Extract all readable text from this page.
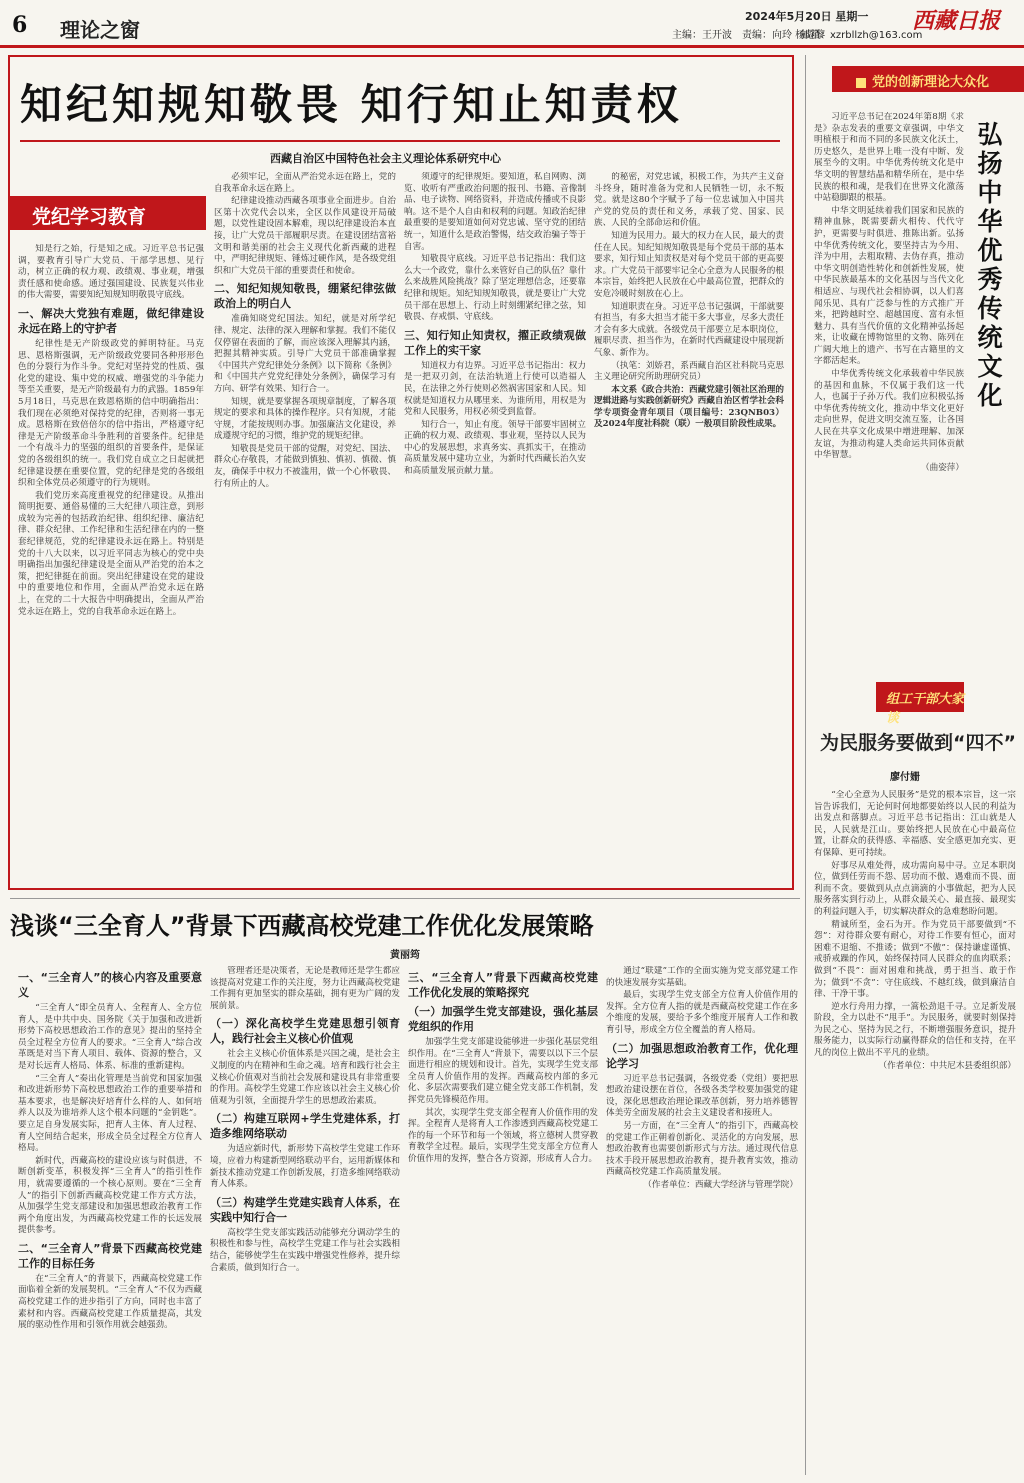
6 理论之窗
2024年5月20日 星期一
主编：王开波　责编：向玲 杨彪黎
邮箱：xzrbllzh@163.com
西藏日报
知纪知规知敬畏 知行知止知责权
西藏自治区中国特色社会主义理论体系研究中心
党纪学习教育

知是行之始，行是知之成。习近平总书记强调，要教育引导广大党员、干部学思想、见行动，树立正确的权力观、政绩观、事业观，增强责任感和使命感。通过强国建设、民族复兴伟业的伟大需要，需要知纪知规知明敬畏守底线。

一、解决大党独有难题，做纪律建设永远在路上的守护者

纪律性是无产阶级政党的鲜明特征。马克思、恩格斯强调，无产阶级政党要同各种形形色色的分裂行为作斗争。党纪对坚持党的性质、强化党的建设、集中党的权威、增强党的斗争能力等至关重要，是无产阶级最有力的武器。1859年5月18日，马克思在致恩格斯的信中明确指出：我们现在必须绝对保持党的纪律，否则将一事无成。恩格斯在致倍倍尔的信中指出，严格遵守纪律是无产阶级革命斗争胜利的首要条件。纪律是一个有战斗力的坚强的组织的首要条件，是保证党的各级组织的统一。我们党自成立之日起就把纪律建设摆在重要位置，党的纪律是党的各级组织和全体党员必须遵守的行为规则。

我们党历来高度重视党的纪律建设。从推出简明扼要、通俗易懂的三大纪律八项注意，到形成较为完善的包括政治纪律、组织纪律、廉洁纪律、群众纪律、工作纪律和生活纪律在内的一整套纪律规范，党的纪律建设永远在路上。特别是党的十八大以来，以习近平同志为核心的党中央明确指出加强纪律建设是全面从严治党的治本之策，把纪律挺在前面。突出纪律建设在党的建设中的重要地位和作用，全面从严治党永远在路上，在党的二十大报告中明确提出，全面从严治党永远在路上，党的自我革命永远在路上。

必须牢记，全面从严治党永远在路上，党的自我革命永远在路上。

纪律建设推动西藏各项事业全面进步。自治区第十次党代会以来，全区以作风建设开局破题，以党性建设固本解难，现以纪律建设治本直接，让广大党员干部履职尽责。在建设团结富裕文明和谐美丽的社会主义现代化新西藏的进程中，严明纪律规矩、锤炼过硬作风，是各级党组织和广大党员干部的重要责任和使命。

二、知纪知规知敬畏，绷紧纪律弦做政治上的明白人

准确知晓党纪国法。知纪，就是对所学纪律、规定、法律的深入理解和掌握。我们不能仅仅停留在表面的了解，而应该深入理解其内涵，把握其精神实质。引导广大党员干部准确掌握《中国共产党纪律处分条例》以下简称《条例》和《中国共产党党纪律处分条例》，确保学习有方向、研学有效果、知行合一。

知规，就是要掌握各项规章制度，了解各项规定的要求和具体的操作程序。只有知规，才能守规，才能按规则办事。加强廉洁文化建设，养成遵规守纪的习惯，维护党的规矩纪律。

知敬畏是党员干部的觉醒，对党纪、国法、群众心存敬畏，才能做到慎独、慎初、慎微、慎友，确保手中权力不被滥用，做一个心怀敬畏、行有所止的人。

须遵守的纪律规矩。要知道，私自网购、浏览、收听有严重政治问题的报刊、书籍、音像制品、电子读物、网络资料，并造成传播或不良影响。这不是个人自由和权利的问题。知政治纪律最重要的是要知道如何对党忠诚、坚守党的团结统一，知道什么是政治警惕，结交政治骗子等于自害。

知敬畏守底线。习近平总书记指出：我们这么大一个政党，靠什么来管好自己的队伍？靠什么来战胜风险挑战？除了坚定理想信念，还要靠纪律和规矩。知纪知规知敬畏，就是要让广大党员干部在思想上、行动上时刻绷紧纪律之弦，知敬畏、存戒惧、守底线。

三、知行知止知责权，擢正政绩观做工作上的实干家

知道权力有边界。习近平总书记指出：权力是一把双刃剑，在法治轨道上行使可以造福人民，在法律之外行使则必然祸害国家和人民。知权就是知道权力从哪里来、为谁所用，用权是为党和人民服务，用权必须受到监督。

知行合一，知止有度。领导干部要牢固树立正确的权力观、政绩观、事业观，坚持以人民为中心的发展思想，求真务实、真抓实干，在推动高质量发展中建功立业，为新时代西藏长治久安和高质量发展贡献力量。

的秘密，对党忠诚，积极工作，为共产主义奋斗终身，随时准备为党和人民牺牲一切，永不叛党。就是这80个字赋予了每一位忠诚加入中国共产党的党员的责任和义务，承载了党、国家、民族、人民的全部命运和价值。

知道为民用力。最大的权力在人民，最大的责任在人民。知纪知规知敬畏是每个党员干部的基本要求，知行知止知责权是对每个党员干部的更高要求。广大党员干部要牢记全心全意为人民服务的根本宗旨，始终把人民放在心中最高位置，把群众的安危冷暖时刻放在心上。

知道职责在身。习近平总书记强调，干部就要有担当，有多大担当才能干多大事业，尽多大责任才会有多大成就。各级党员干部要立足本职岗位，履职尽责、担当作为，在新时代西藏建设中展现新气象、新作为。

（执笔：刘娇君，系西藏自治区社科院马克思主义理论研究所助理研究员）

本文系《政合共治：西藏党建引领社区治理的逻辑进路与实践创新研究》西藏自治区哲学社会科学专项资金青年项目（项目编号：23QNB03）及2024年度社科院（联）一般项目阶段性成果。

党的创新理论大众化
弘扬中华优秀传统文化

习近平总书记在2024年第8期《求是》杂志发表的重要文章强调，中华文明植根于和而不同的多民族文化沃土，历史悠久，是世界上唯一没有中断、发展至今的文明。中华优秀传统文化是中华文明的智慧结晶和精华所在，是中华民族的根和魂，是我们在世界文化激荡中站稳脚跟的根基。

中华文明延续着我们国家和民族的精神血脉，既需要薪火相传、代代守护，更需要与时俱进、推陈出新。弘扬中华优秀传统文化，要坚持古为今用、洋为中用，去粗取精、去伪存真，推动中华文明创造性转化和创新性发展，使中华民族最基本的文化基因与当代文化相适应、与现代社会相协调，以人们喜闻乐见、具有广泛参与性的方式推广开来，把跨越时空、超越国度、富有永恒魅力、具有当代价值的文化精神弘扬起来，让收藏在博物馆里的文物、陈列在广阔大地上的遗产、书写在古籍里的文字都活起来。

中华优秀传统文化承载着中华民族的基因和血脉，不仅属于我们这一代人，也属于子孙万代。我们应积极弘扬中华优秀传统文化，推动中华文化更好走向世界，促进文明交流互鉴，让各国人民在共享文化成果中增进理解、加深友谊，为推动构建人类命运共同体贡献中华智慧。

（曲姿萍）

组工干部大家谈
为民服务要做到“四不”
廖付姗

“全心全意为人民服务”是党的根本宗旨，这一宗旨告诉我们，无论何时何地都要始终以人民的利益为出发点和落脚点。习近平总书记指出：江山就是人民，人民就是江山。要始终把人民放在心中最高位置，让群众的获得感、幸福感、安全感更加充实、更有保障、更可持续。

好事尽从难处得，成功需向易中寻。立足本职岗位，做到任劳而不怨、居功而不傲、遇难而不畏、面利而不贪。要做到从点点滴滴的小事做起，把为人民服务落实到行动上，从群众最关心、最直接、最现实的利益问题入手，切实解决群众的急难愁盼问题。

精诚所至，金石为开。作为党员干部要做到“不怨”：对待群众要有耐心，对待工作要有恒心，面对困难不退缩、不推诿；做到“不傲”：保持谦虚谨慎、戒骄戒躁的作风，始终保持同人民群众的血肉联系；做到“不畏”：面对困难和挑战，勇于担当、敢于作为；做到“不贪”：守住底线、不越红线，做到廉洁自律、干净干事。

逆水行舟用力撑，一篙松劲退千寻。立足新发展阶段，全力以赴不“甩手”。为民服务，就要时刻保持为民之心、坚持为民之行，不断增强服务意识，提升服务能力，以实际行动赢得群众的信任和支持，在平凡的岗位上做出不平凡的业绩。

（作者单位：中共尼木县委组织部）

浅谈“三全育人”背景下西藏高校党建工作优化发展策略
黄丽筠
一、“三全育人”的核心内容及重要意义

“三全育人”即全员育人、全程育人、全方位育人，是中共中央、国务院《关于加强和改进新形势下高校思想政治工作的意见》提出的坚持全员全过程全方位育人的要求。“三全育人”综合改革既是对当下育人项目、载体、资源的整合，又是对长远育人格局、体系、标准的重新建构。

“三全育人”奏出化管理是当前党和国家加强和改进新形势下高校思想政治工作的重要举措和基本要求，也是解决好培育什么样的人、如何培养人以及为谁培养人这个根本问题的“金钥匙”。要立足自身发展实际，把育人主体、育人过程、育人空间结合起来，形成全员全过程全方位育人格局。

新时代，西藏高校的建设应该与时俱进，不断创新变革，积极发挥“三全育人”的指引性作用，就需要遵循的一个核心原则。要在“三全育人”的指引下创新西藏高校党建工作方式方法，从加强学生党支部建设和加强思想政治教育工作两个角度出发，为西藏高校党建工作的长远发展提供参考。

二、“三全育人”背景下西藏高校党建工作的目标任务

在“三全育人”的背景下，西藏高校党建工作面临着全新的发展契机。“三全育人”不仅为西藏高校党建工作的进步指引了方向，同时也丰富了素材和内容。西藏高校党建工作质量提高，其发展的驱动性作用和引领作用就会越强劲。

管理者还是决策者，无论是教师还是学生都应该提高对党建工作的关注度，努力让西藏高校党建工作拥有更加坚实的群众基础，拥有更为广阔的发展前景。

（一）深化高校学生党建思想引领育人，践行社会主义核心价值观

社会主义核心价值体系是兴国之魂，是社会主义制度的内在精神和生命之魂。培育和践行社会主义核心价值观对当前社会发展和建设具有非常重要的作用。高校学生党建工作应该以社会主义核心价值观为引领，全面提升学生的思想政治素质。

（二）构建互联网+学生党建体系，打造多维网络联动

为适应新时代，新形势下高校学生党建工作环境，应着力构建新型网络联动平台，运用新媒体和新技术推动党建工作创新发展，打造多维网络联动育人体系。

（三）构建学生党建实践育人体系，在实践中知行合一

高校学生党支部实践活动能够充分调动学生的积极性和参与性，高校学生党建工作与社会实践相结合，能够使学生在实践中增强党性修养，提升综合素质，做到知行合一。

三、“三全育人”背景下西藏高校党建工作优化发展的策略探究
（一）加强学生党支部建设，强化基层党组织的作用

加强学生党支部建设能够进一步强化基层党组织作用。在“三全育人”背景下，需要以以下三个层面进行相应的规划和设计。首先，实现学生党支部全员育人价值作用的发挥。西藏高校内部的多元化、多层次需要我们建立健全党支部工作机制，发挥党员先锋模范作用。

其次，实现学生党支部全程育人价值作用的发挥。全程育人是将育人工作渗透到西藏高校党建工作的每一个环节和每一个领域，将立德树人贯穿教育教学全过程。最后，实现学生党支部全方位育人价值作用的发挥，整合各方资源，形成育人合力。

通过“联建”工作的全面实施为党支部党建工作的快速发展夯实基础。

最后，实现学生党支部全方位育人价值作用的发挥。全方位育人指的就是西藏高校党建工作在多个维度的发展，要给予多个维度开展育人工作和教育引导，形成全方位全覆盖的育人格局。

（二）加强思想政治教育工作，优化理论学习

习近平总书记强调，各级党委（党组）要把思想政治建设摆在首位，各级各类学校要加强党的建设，深化思想政治理论课改革创新，努力培养德智体美劳全面发展的社会主义建设者和接班人。

另一方面，在“三全育人”的指引下，西藏高校的党建工作正朝着创新化、灵活化的方向发展，思想政治教育也需要创新形式与方法。通过现代信息技术手段开展思想政治教育，提升教育实效，推动西藏高校党建工作高质量发展。

（作者单位：西藏大学经济与管理学院）
